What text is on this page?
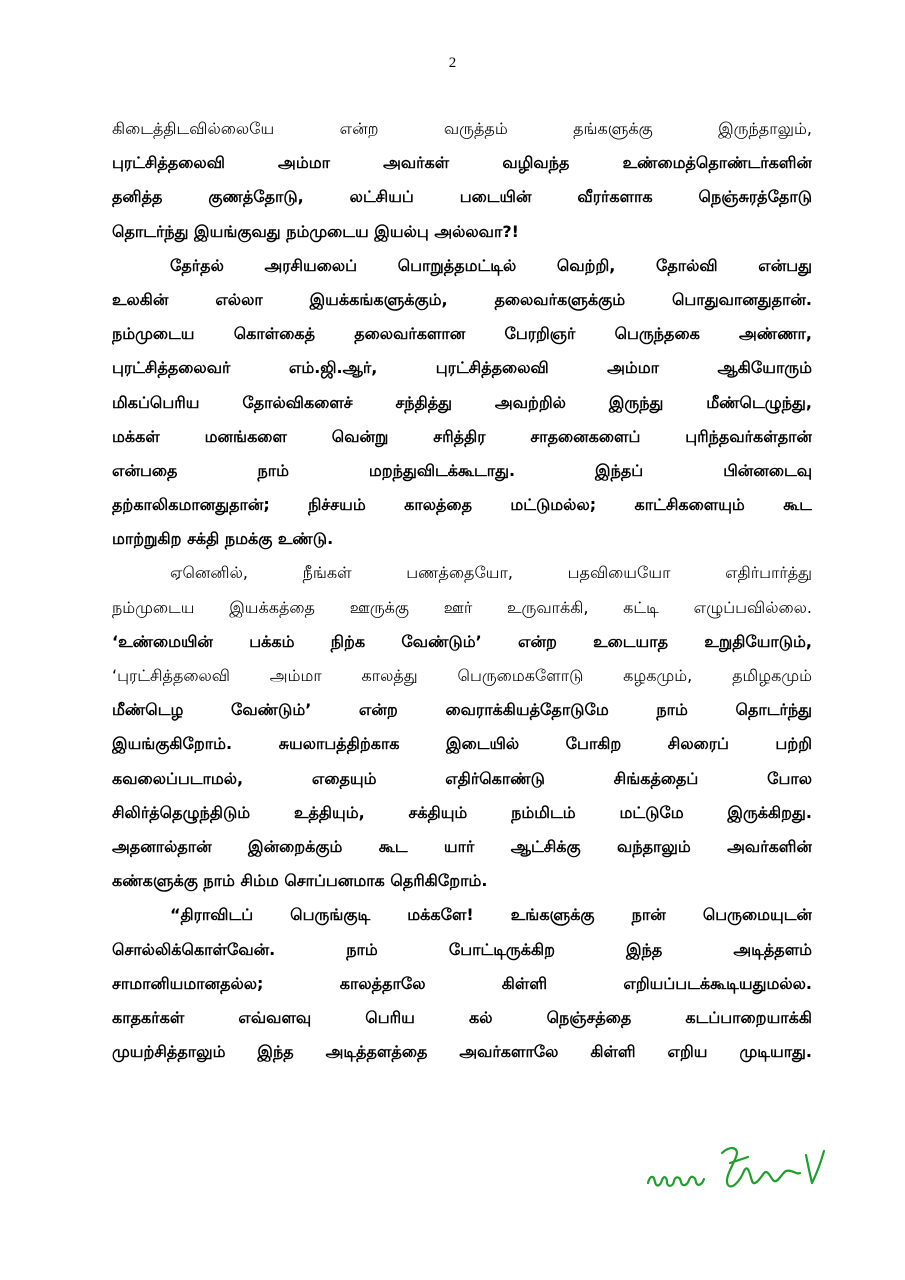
2
கிடைத்திடவில்லையே என்ற வருத்தம் தங்களுக்கு இருந்தாலும்,
புரட்சித்தலைவி அம்மா அவர்கள் வழிவந்த உண்மைத்தொண்டர்களின்
தனித்த குணத்தோடு, லட்சியப் படையின் வீரர்களாக நெஞ்சுரத்தோடு
தொடர்ந்து இயங்குவது நம்முடைய இயல்பு அல்லவா?!
தேர்தல் அரசியலைப் பொறுத்தமட்டில் வெற்றி, தோல்வி என்பது
உலகின் எல்லா இயக்கங்களுக்கும், தலைவர்களுக்கும் பொதுவானதுதான்.
நம்முடைய கொள்கைத் தலைவர்களான பேரறிஞர் பெருந்தகை அண்ணா,
புரட்சித்தலைவர் எம்.ஜி.ஆர், புரட்சித்தலைவி அம்மா ஆகியோரும்
மிகப்பெரிய தோல்விகளைச் சந்தித்து அவற்றில் இருந்து மீண்டெழுந்து,
மக்கள் மனங்களை வென்று சரித்திர சாதனைகளைப் புரிந்தவர்கள்தான்
என்பதை நாம் மறந்துவிடக்கூடாது. இந்தப் பின்னடைவு
தற்காலிகமானதுதான்; நிச்சயம் காலத்தை மட்டுமல்ல; காட்சிகளையும் கூட
மாற்றுகிற சக்தி நமக்கு உண்டு.
ஏனெனில், நீங்கள் பணத்தையோ, பதவியையோ எதிர்பார்த்து
நம்முடைய இயக்கத்தை ஊருக்கு ஊர் உருவாக்கி, கட்டி எழுப்பவில்லை.
‘உண்மையின் பக்கம் நிற்க வேண்டும்’ என்ற உடையாத உறுதியோடும்,
‘புரட்சித்தலைவி அம்மா காலத்து பெருமைகளோடு கழகமும், தமிழகமும்
மீண்டெழ வேண்டும்’ என்ற வைராக்கியத்தோடுமே நாம் தொடர்ந்து
இயங்குகிறோம். சுயலாபத்திற்காக இடையில் போகிற சிலரைப் பற்றி
கவலைப்படாமல், எதையும் எதிர்கொண்டு சிங்கத்தைப் போல
சிலிர்த்தெழுந்திடும் உத்தியும், சக்தியும் நம்மிடம் மட்டுமே இருக்கிறது.
அதனால்தான் இன்றைக்கும் கூட யார் ஆட்சிக்கு வந்தாலும் அவர்களின்
கண்களுக்கு நாம் சிம்ம சொப்பனமாக தெரிகிறோம்.
“திராவிடப் பெருங்குடி மக்களே! உங்களுக்கு நான் பெருமையுடன்
சொல்லிக்கொள்வேன். நாம் போட்டிருக்கிற இந்த அடித்தளம்
சாமானியமானதல்ல; காலத்தாலே கிள்ளி எறியப்படக்கூடியதுமல்ல.
காதகர்கள் எவ்வளவு பெரிய கல் நெஞ்சத்தை கடப்பாறையாக்கி
முயற்சித்தாலும் இந்த அடித்தளத்தை அவர்களாலே கிள்ளி எறிய முடியாது.
